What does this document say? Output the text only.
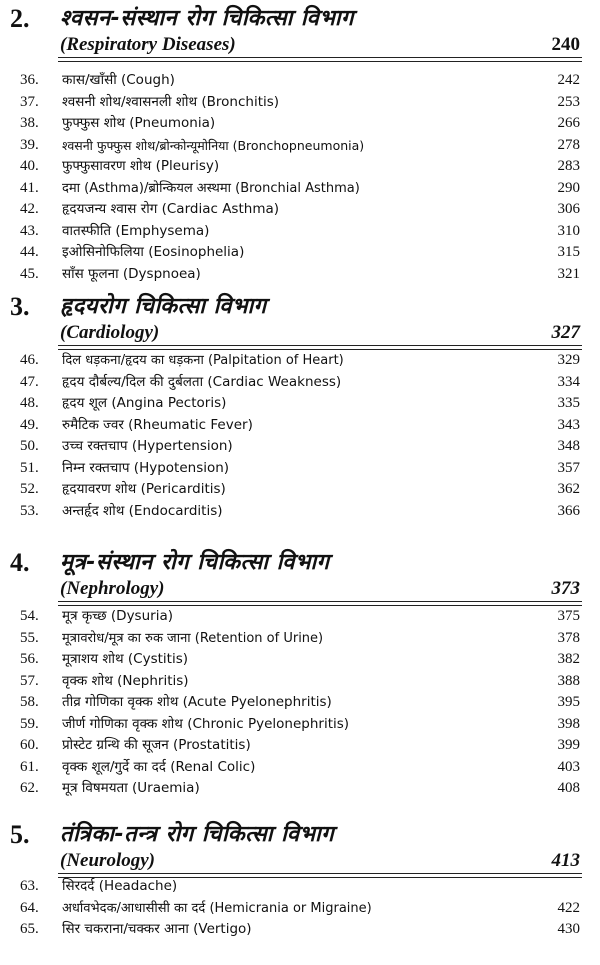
2. श्वसन-संस्थान रोग चिकित्सा विभाग
(Respiratory Diseases)	240
36.	कास/खाँसी (Cough)	242
37.	श्वसनी शोथ/श्वासनली शोथ (Bronchitis)	253
38.	फुफ्फुस शोथ (Pneumonia)	266
39.	श्वसनी फुफ्फुस शोथ/ब्रोन्कोन्यूमोनिया (Bronchopneumonia)	278
40.	फुफ्फुसावरण शोथ (Pleurisy)	283
41.	दमा (Asthma)/ब्रोन्कियल अस्थमा (Bronchial Asthma)	290
42.	हृदयजन्य श्वास रोग (Cardiac Asthma)	306
43.	वातस्फीति (Emphysema)	310
44.	इओसिनोफिलिया (Eosinophelia)	315
45.	साँस फूलना (Dyspnoea)	321
3. हृदयरोग चिकित्सा विभाग
(Cardiology)	327
46.	दिल धड़कना/हृदय का धड़कना (Palpitation of Heart)	329
47.	हृदय दौर्बल्य/दिल की दुर्बलता (Cardiac Weakness)	334
48.	हृदय शूल (Angina Pectoris)	335
49.	रुमैटिक ज्वर (Rheumatic Fever)	343
50.	उच्च रक्तचाप (Hypertension)	348
51.	निम्न रक्तचाप (Hypotension)	357
52.	हृदयावरण शोथ (Pericarditis)	362
53.	अन्तर्हृद शोथ (Endocarditis)	366
4. मूत्र-संस्थान रोग चिकित्सा विभाग
(Nephrology)	373
54.	मूत्र कृच्छ (Dysuria)	375
55.	मूत्रावरोध/मूत्र का रुक जाना (Retention of Urine)	378
56.	मूत्राशय शोथ (Cystitis)	382
57.	वृक्क शोथ (Nephritis)	388
58.	तीव्र गोणिका वृक्क शोथ (Acute Pyelonephritis)	395
59.	जीर्ण गोणिका वृक्क शोथ (Chronic Pyelonephritis)	398
60.	प्रोस्टेट ग्रन्थि की सूजन (Prostatitis)	399
61.	वृक्क शूल/गुर्दे का दर्द (Renal Colic)	403
62.	मूत्र विषमयता (Uraemia)	408
5. तंत्रिका-तन्त्र रोग चिकित्सा विभाग
(Neurology)	413
63.	सिरदर्द (Headache)
64.	अर्धावभेदक/आधासीसी का दर्द (Hemicrania or Migraine)	422
65.	सिर चकराना/चक्कर आना (Vertigo)	430
